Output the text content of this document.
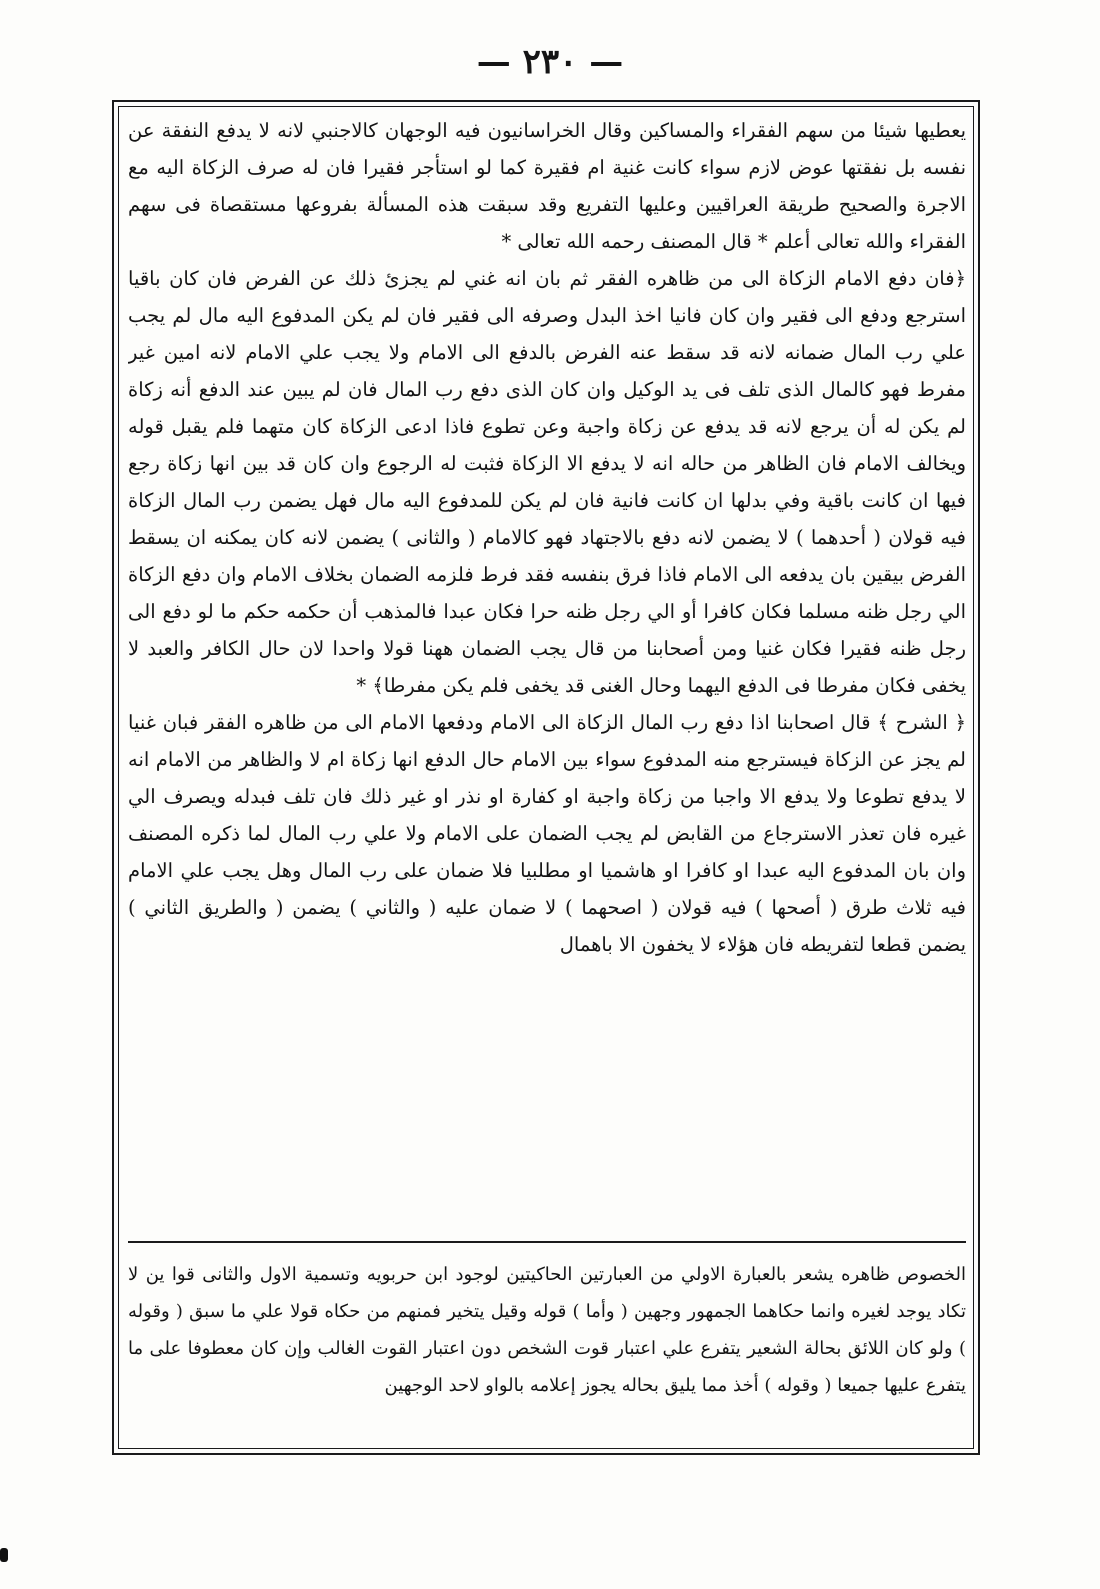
— ٢٣٠ —

يعطيها شيئا من سهم الفقراء والمساكين وقال الخراسانيون فيه الوجهان كالاجنبي لانه لا يدفع النفقة عن نفسه بل نفقتها عوض لازم سواء كانت غنية ام فقيرة كما لو استأجر فقيرا فان له صرف الزكاة اليه مع الاجرة والصحيح طريقة العراقيين وعليها التفريع وقد سبقت هذه المسألة بفروعها مستقصاة فى سهم الفقراء والله تعالى أعلم * قال المصنف رحمه الله تعالى *

﴿فان دفع الامام الزكاة الى من ظاهره الفقر ثم بان انه غني لم يجزئ ذلك عن الفرض فان كان باقيا استرجع ودفع الى فقير وان كان فانيا اخذ البدل وصرفه الى فقير فان لم يكن المدفوع اليه مال لم يجب علي رب المال ضمانه لانه قد سقط عنه الفرض بالدفع الى الامام ولا يجب علي الامام لانه امين غير مفرط فهو كالمال الذى تلف فى يد الوكيل وان كان الذى دفع رب المال فان لم يبين عند الدفع أنه زكاة لم يكن له أن يرجع لانه قد يدفع عن زكاة واجبة وعن تطوع فاذا ادعى الزكاة كان متهما فلم يقبل قوله ويخالف الامام فان الظاهر من حاله انه لا يدفع الا الزكاة فثبت له الرجوع وان كان قد بين انها زكاة رجع فيها ان كانت باقية وفي بدلها ان كانت فانية فان لم يكن للمدفوع اليه مال فهل يضمن رب المال الزكاة فيه قولان ( أحدهما ) لا يضمن لانه دفع بالاجتهاد فهو كالامام ( والثانى ) يضمن لانه كان يمكنه ان يسقط الفرض بيقين بان يدفعه الى الامام فاذا فرق بنفسه فقد فرط فلزمه الضمان بخلاف الامام وان دفع الزكاة الي رجل ظنه مسلما فكان كافرا أو الي رجل ظنه حرا فكان عبدا فالمذهب أن حكمه حكم ما لو دفع الى رجل ظنه فقيرا فكان غنيا ومن أصحابنا من قال يجب الضمان ههنا قولا واحدا لان حال الكافر والعبد لا يخفى فكان مفرطا فى الدفع اليهما وحال الغنى قد يخفى فلم يكن مفرطا﴾ *

﴿ الشرح ﴾ قال اصحابنا اذا دفع رب المال الزكاة الى الامام ودفعها الامام الى من ظاهره الفقر فبان غنيا لم يجز عن الزكاة فيسترجع منه المدفوع سواء بين الامام حال الدفع انها زكاة ام لا والظاهر من الامام انه لا يدفع تطوعا ولا يدفع الا واجبا من زكاة واجبة او كفارة او نذر او غير ذلك فان تلف فبدله ويصرف الي غيره فان تعذر الاسترجاع من القابض لم يجب الضمان على الامام ولا علي رب المال لما ذكره المصنف وان بان المدفوع اليه عبدا او كافرا او هاشميا او مطلبيا فلا ضمان على رب المال وهل يجب علي الامام فيه ثلاث طرق ( أصحها ) فيه قولان ( اصحهما ) لا ضمان عليه ( والثاني ) يضمن ( والطريق الثاني ) يضمن قطعا لتفريطه فان هؤلاء لا يخفون الا باهمال

الخصوص ظاهره يشعر بالعبارة الاولي من العبارتين الحاكيتين لوجود ابن حربويه وتسمية الاول والثانى قوا ين لا تكاد يوجد لغيره وانما حكاهما الجمهور وجهين ( وأما ) قوله وقيل يتخير فمنهم من حكاه قولا علي ما سبق ( وقوله ) ولو كان اللائق بحالة الشعير يتفرع علي اعتبار قوت الشخص دون اعتبار القوت الغالب وإن كان معطوفا على ما يتفرع عليها جميعا ( وقوله ) أخذ مما يليق بحاله يجوز إعلامه بالواو لاحد الوجهين
